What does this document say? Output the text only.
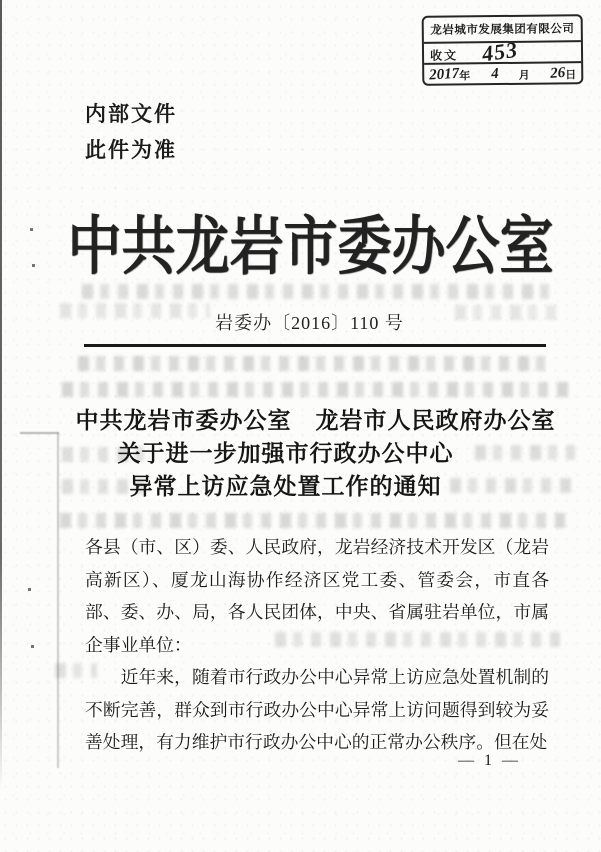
内部文件
此件为准
龙岩城市发展集团有限公司
收文 453
2017 年 4 月 26 日
中共龙岩市委办公室
岩委办〔2016〕110 号
中共龙岩市委办公室　龙岩市人民政府办公室
关于进一步加强市行政办公中心
异常上访应急处置工作的通知

各县（市、区）委、人民政府，龙岩经济技术开发区（龙岩高新区）、厦龙山海协作经济区党工委、管委会，市直各部、委、办、局，各人民团体，中央、省属驻岩单位，市属企事业单位：

近年来，随着市行政办公中心异常上访应急处置机制的不断完善，群众到市行政办公中心异常上访问题得到较为妥善处理，有力维护市行政办公中心的正常办公秩序。但在处

— 1 —
